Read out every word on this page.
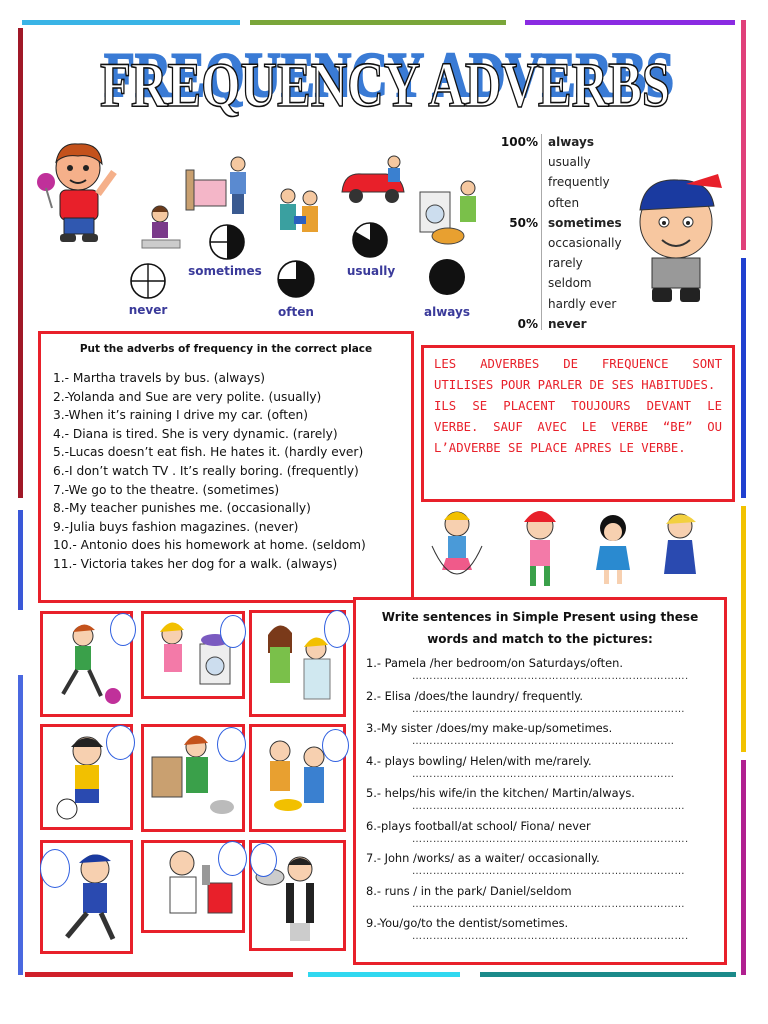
FREQUENCY ADVERBS
FREQUENCY ADVERBS
never
sometimes
often
usually
always
100% always
usually
frequently
often
50% sometimes
occasionally
rarely
seldom
hardly ever
0% never
Put the adverbs of frequency in the correct place
1.- Martha travels by bus. (always)
2.-Yolanda and Sue are very polite. (usually)
3.-When it’s raining I drive my car. (often)
4.- Diana is tired. She is very dynamic. (rarely)
5.-Lucas doesn’t eat fish. He hates it. (hardly ever)
6.-I don’t watch TV . It’s really boring. (frequently)
7.-We go to the theatre. (sometimes)
8.-My teacher punishes me. (occasionally)
9.-Julia buys fashion magazines. (never)
10.- Antonio does his homework at home. (seldom)
11.- Victoria takes her dog for a walk. (always)
LES ADVERBES DE FREQUENCE SONT UTILISES POUR PARLER DE SES HABITUDES.
ILS SE PLACENT TOUJOURS DEVANT LE VERBE. SAUF AVEC LE VERBE “BE” OU L’ADVERBE SE PLACE APRES LE VERBE.
Write sentences in Simple Present using these words and match to the pictures:
1.- Pamela /her bedroom/on Saturdays/often.
…………………………………………………………………….
2.- Elisa /does/the laundry/ frequently.
……………………………………………………………………
3.-My sister /does/my make-up/sometimes.
…………………………………………………………………
4.- plays bowling/ Helen/with me/rarely.
…………………………………………………………………
5.- helps/his wife/in the kitchen/ Martin/always.
……………………………………………………………………
6.-plays football/at school/ Fiona/ never
…………………………………………………………………….
7.- John /works/ as a waiter/ occasionally.
……………………………………………………………………
8.- runs / in the park/ Daniel/seldom
……………………………………………………………………
9.-You/go/to the dentist/sometimes.
…………………………………………………………………….
